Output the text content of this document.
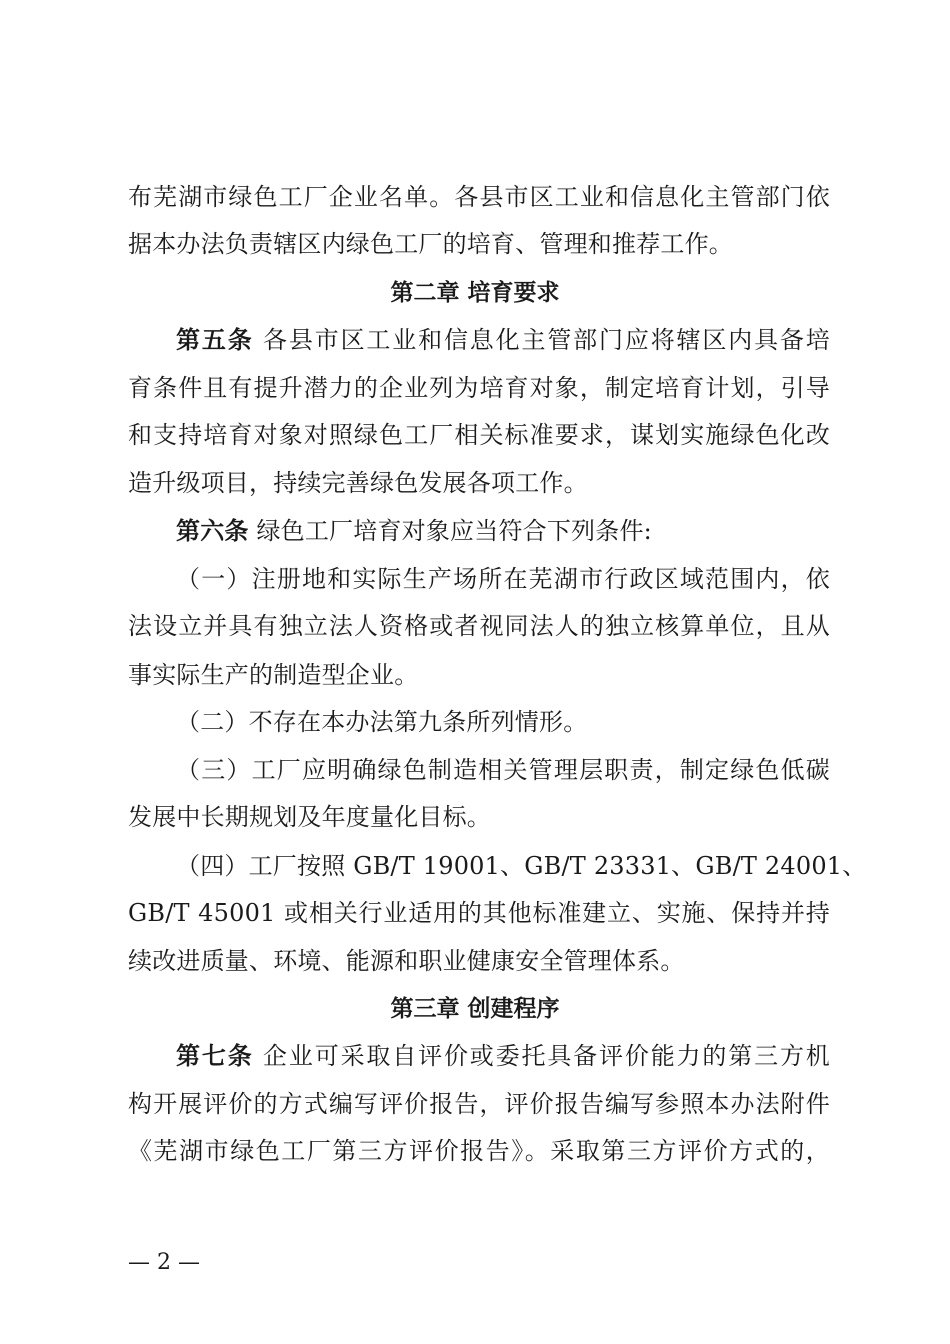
布芜湖市绿色工厂企业名单。各县市区工业和信息化主管部门依
据本办法负责辖区内绿色工厂的培育、管理和推荐工作。
第二章 培育要求
第五条 各县市区工业和信息化主管部门应将辖区内具备培
育条件且有提升潜力的企业列为培育对象，制定培育计划，引导
和支持培育对象对照绿色工厂相关标准要求，谋划实施绿色化改
造升级项目，持续完善绿色发展各项工作。
第六条 绿色工厂培育对象应当符合下列条件:
（一）注册地和实际生产场所在芜湖市行政区域范围内，依
法设立并具有独立法人资格或者视同法人的独立核算单位，且从
事实际生产的制造型企业。
（二）不存在本办法第九条所列情形。
（三）工厂应明确绿色制造相关管理层职责，制定绿色低碳
发展中长期规划及年度量化目标。
（四）工厂按照 GB/T 19001、GB/T 23331、GB/T 24001、
GB/T 45001 或相关行业适用的其他标准建立、实施、保持并持
续改进质量、环境、能源和职业健康安全管理体系。
第三章 创建程序
第七条 企业可采取自评价或委托具备评价能力的第三方机
构开展评价的方式编写评价报告，评价报告编写参照本办法附件
《芜湖市绿色工厂第三方评价报告》。采取第三方评价方式的，
— 2 —
